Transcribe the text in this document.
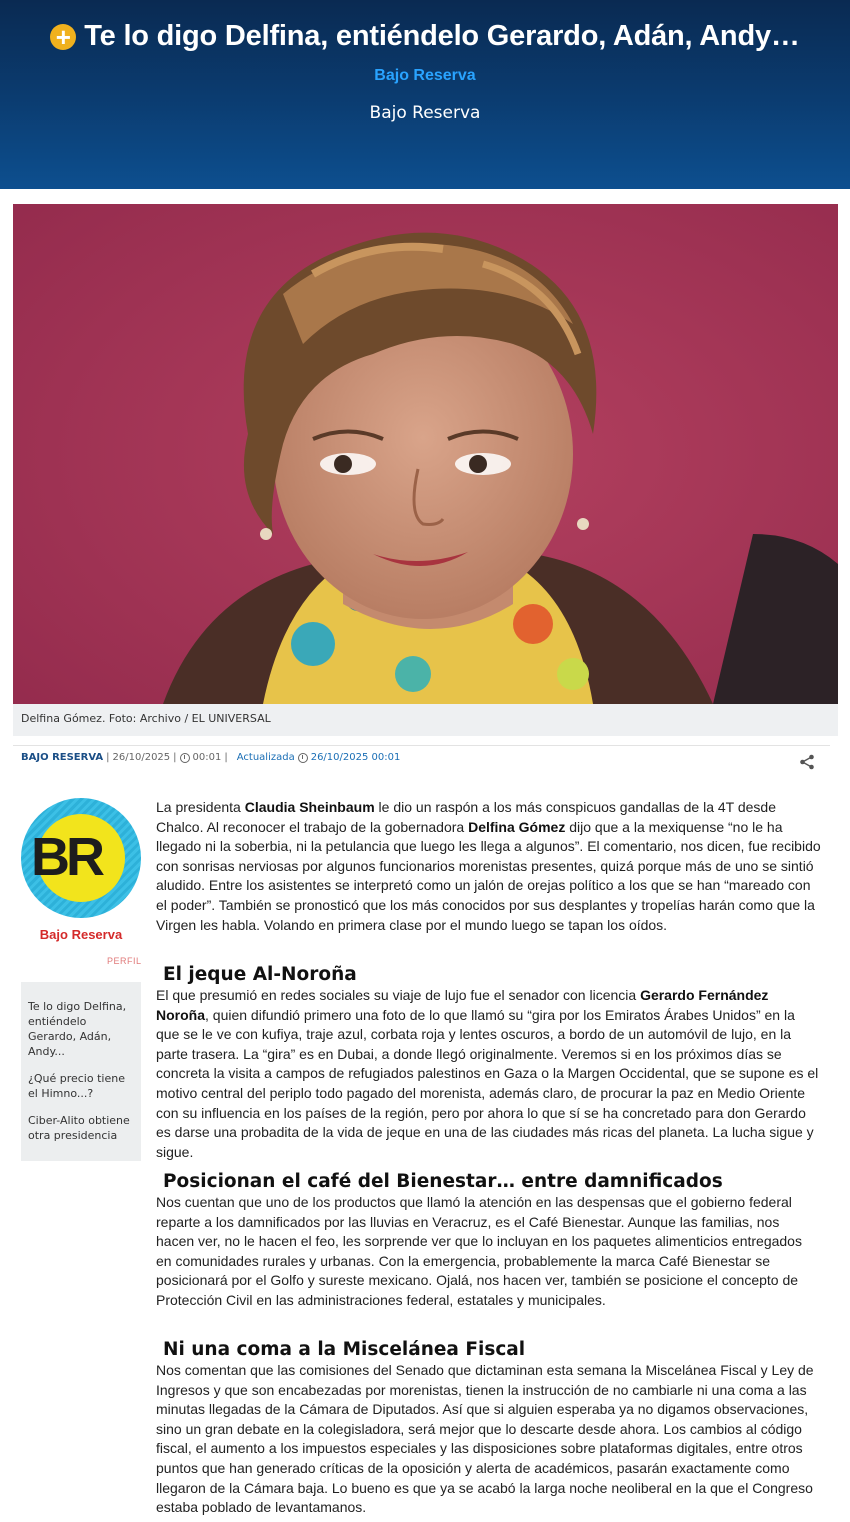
+ Te lo digo Delfina, entiéndelo Gerardo, Adán, Andy…
Bajo Reserva
Bajo Reserva
Delfina Gómez. Foto: Archivo / EL UNIVERSAL
BAJO RESERVA | 26/10/2025 | 00:01 | Actualizada 26/10/2025 00:01
BR
Bajo Reserva
PERFIL
Te lo digo Delfina, entiéndelo Gerardo, Adán, Andy...
¿Qué precio tiene el Himno...?
Ciber-Alito obtiene otra presidencia

La presidenta Claudia Sheinbaum le dio un raspón a los más conspicuos gandallas de la 4T desde Chalco. Al reconocer el trabajo de la gobernadora Delfina Gómez dijo que a la mexiquense “no le ha llegado ni la soberbia, ni la petulancia que luego les llega a algunos”. El comentario, nos dicen, fue recibido con sonrisas nerviosas por algunos funcionarios morenistas presentes, quizá porque más de uno se sintió aludido. Entre los asistentes se interpretó como un jalón de orejas político a los que se han “mareado con el poder”. También se pronosticó que los más conocidos por sus desplantes y tropelías harán como que la Virgen les habla. Volando en primera clase por el mundo luego se tapan los oídos.

El jeque Al-Noroña

El que presumió en redes sociales su viaje de lujo fue el senador con licencia Gerardo Fernández Noroña, quien difundió primero una foto de lo que llamó su “gira por los Emiratos Árabes Unidos” en la que se le ve con kufiya, traje azul, corbata roja y lentes oscuros, a bordo de un automóvil de lujo, en la parte trasera. La “gira” es en Dubai, a donde llegó originalmente. Veremos si en los próximos días se concreta la visita a campos de refugiados palestinos en Gaza o la Margen Occidental, que se supone es el motivo central del periplo todo pagado del morenista, además claro, de procurar la paz en Medio Oriente con su influencia en los países de la región, pero por ahora lo que sí se ha concretado para don Gerardo es darse una probadita de la vida de jeque en una de las ciudades más ricas del planeta. La lucha sigue y sigue.

Posicionan el café del Bienestar… entre damnificados

Nos cuentan que uno de los productos que llamó la atención en las despensas que el gobierno federal reparte a los damnificados por las lluvias en Veracruz, es el Café Bienestar. Aunque las familias, nos hacen ver, no le hacen el feo, les sorprende ver que lo incluyan en los paquetes alimenticios entregados en comunidades rurales y urbanas. Con la emergencia, probablemente la marca Café Bienestar se posicionará por el Golfo y sureste mexicano. Ojalá, nos hacen ver, también se posicione el concepto de Protección Civil en las administraciones federal, estatales y municipales.

Ni una coma a la Miscelánea Fiscal

Nos comentan que las comisiones del Senado que dictaminan esta semana la Miscelánea Fiscal y Ley de Ingresos y que son encabezadas por morenistas, tienen la instrucción de no cambiarle ni una coma a las minutas llegadas de la Cámara de Diputados. Así que si alguien esperaba ya no digamos observaciones, sino un gran debate en la colegisladora, será mejor que lo descarte desde ahora. Los cambios al código fiscal, el aumento a los impuestos especiales y las disposiciones sobre plataformas digitales, entre otros puntos que han generado críticas de la oposición y alerta de académicos, pasarán exactamente como llegaron de la Cámara baja. Lo bueno es que ya se acabó la larga noche neoliberal en la que el Congreso estaba poblado de levantamanos.
